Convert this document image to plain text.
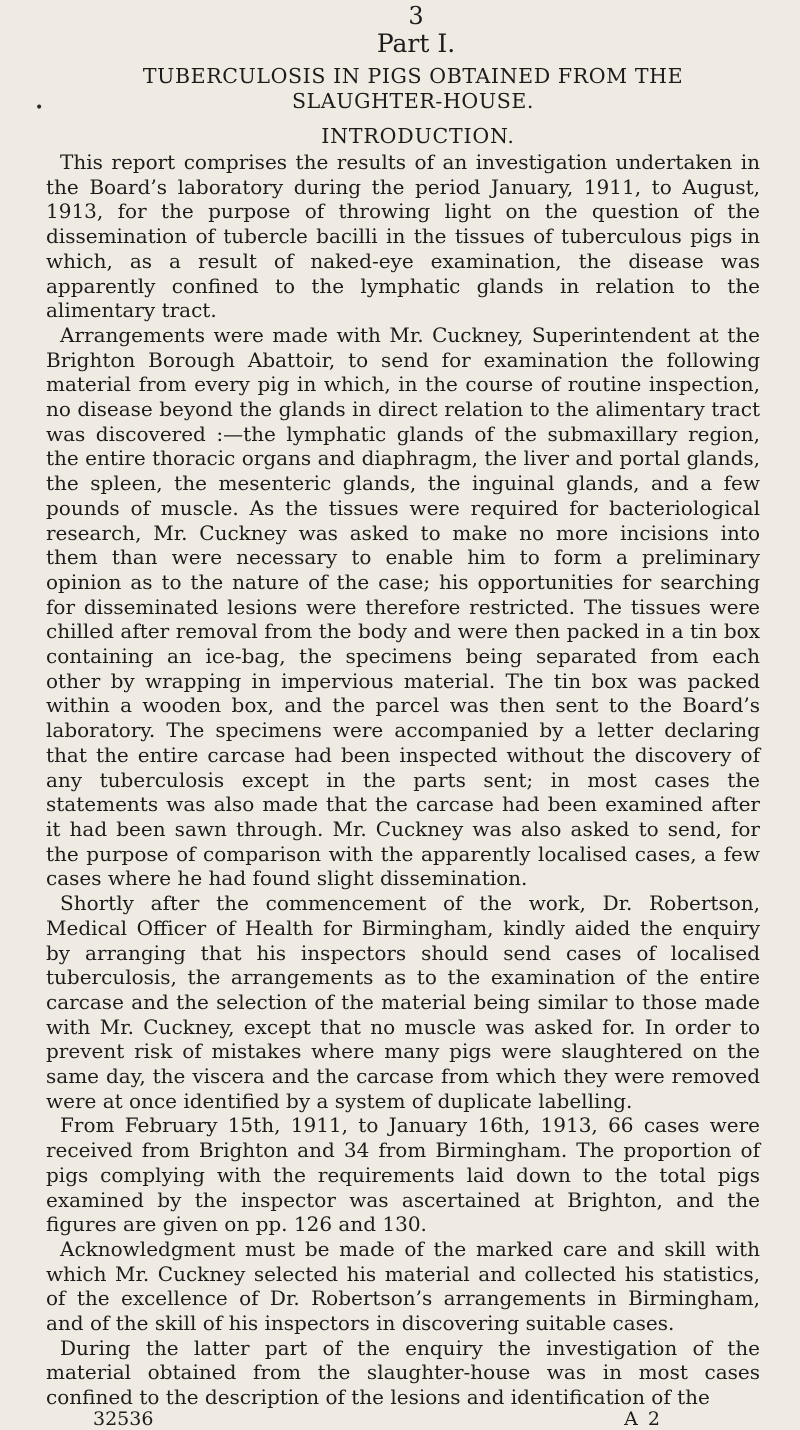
•
3
Part I.
TUBERCULOSIS IN PIGS OBTAINED FROM THE SLAUGHTER-HOUSE.
INTRODUCTION.

This report comprises the results of an investigation undertaken in the Board’s laboratory during the period January, 1911, to August, 1913, for the purpose of throwing light on the question of the dissemination of tubercle bacilli in the tissues of tuberculous pigs in which, as a result of naked-eye examination, the disease was apparently confined to the lymphatic glands in relation to the alimentary tract.

Arrangements were made with Mr. Cuckney, Superintendent at the Brighton Borough Abattoir, to send for examination the following material from every pig in which, in the course of routine inspection, no disease beyond the glands in direct relation to the alimentary tract was discovered :—the lymphatic glands of the submaxillary region, the entire thoracic organs and diaphragm, the liver and portal glands, the spleen, the mesenteric glands, the inguinal glands, and a few pounds of muscle. As the tissues were required for bacteriological research, Mr. Cuckney was asked to make no more incisions into them than were necessary to enable him to form a preliminary opinion as to the nature of the case; his opportunities for searching for disseminated lesions were therefore restricted. The tissues were chilled after removal from the body and were then packed in a tin box containing an ice-bag, the specimens being separated from each other by wrapping in impervious material. The tin box was packed within a wooden box, and the parcel was then sent to the Board’s laboratory. The specimens were accompanied by a letter declaring that the entire carcase had been inspected without the discovery of any tuberculosis except in the parts sent; in most cases the statements was also made that the carcase had been examined after it had been sawn through. Mr. Cuckney was also asked to send, for the purpose of comparison with the apparently localised cases, a few cases where he had found slight dissemination.

Shortly after the commencement of the work, Dr. Robertson, Medical Officer of Health for Birmingham, kindly aided the enquiry by arranging that his inspectors should send cases of localised tuberculosis, the arrangements as to the examination of the entire carcase and the selection of the material being similar to those made with Mr. Cuckney, except that no muscle was asked for. In order to prevent risk of mistakes where many pigs were slaughtered on the same day, the viscera and the carcase from which they were removed were at once identified by a system of duplicate labelling.

From February 15th, 1911, to January 16th, 1913, 66 cases were received from Brighton and 34 from Birmingham. The proportion of pigs complying with the requirements laid down to the total pigs examined by the inspector was ascertained at Brighton, and the figures are given on pp. 126 and 130.

Acknowledgment must be made of the marked care and skill with which Mr. Cuckney selected his material and collected his statistics, of the excellence of Dr. Robertson’s arrangements in Birmingham, and of the skill of his inspectors in discovering suitable cases.

During the latter part of the enquiry the investigation of the material obtained from the slaughter-house was in most cases confined to the description of the lesions and identification of the

32536	A 2
